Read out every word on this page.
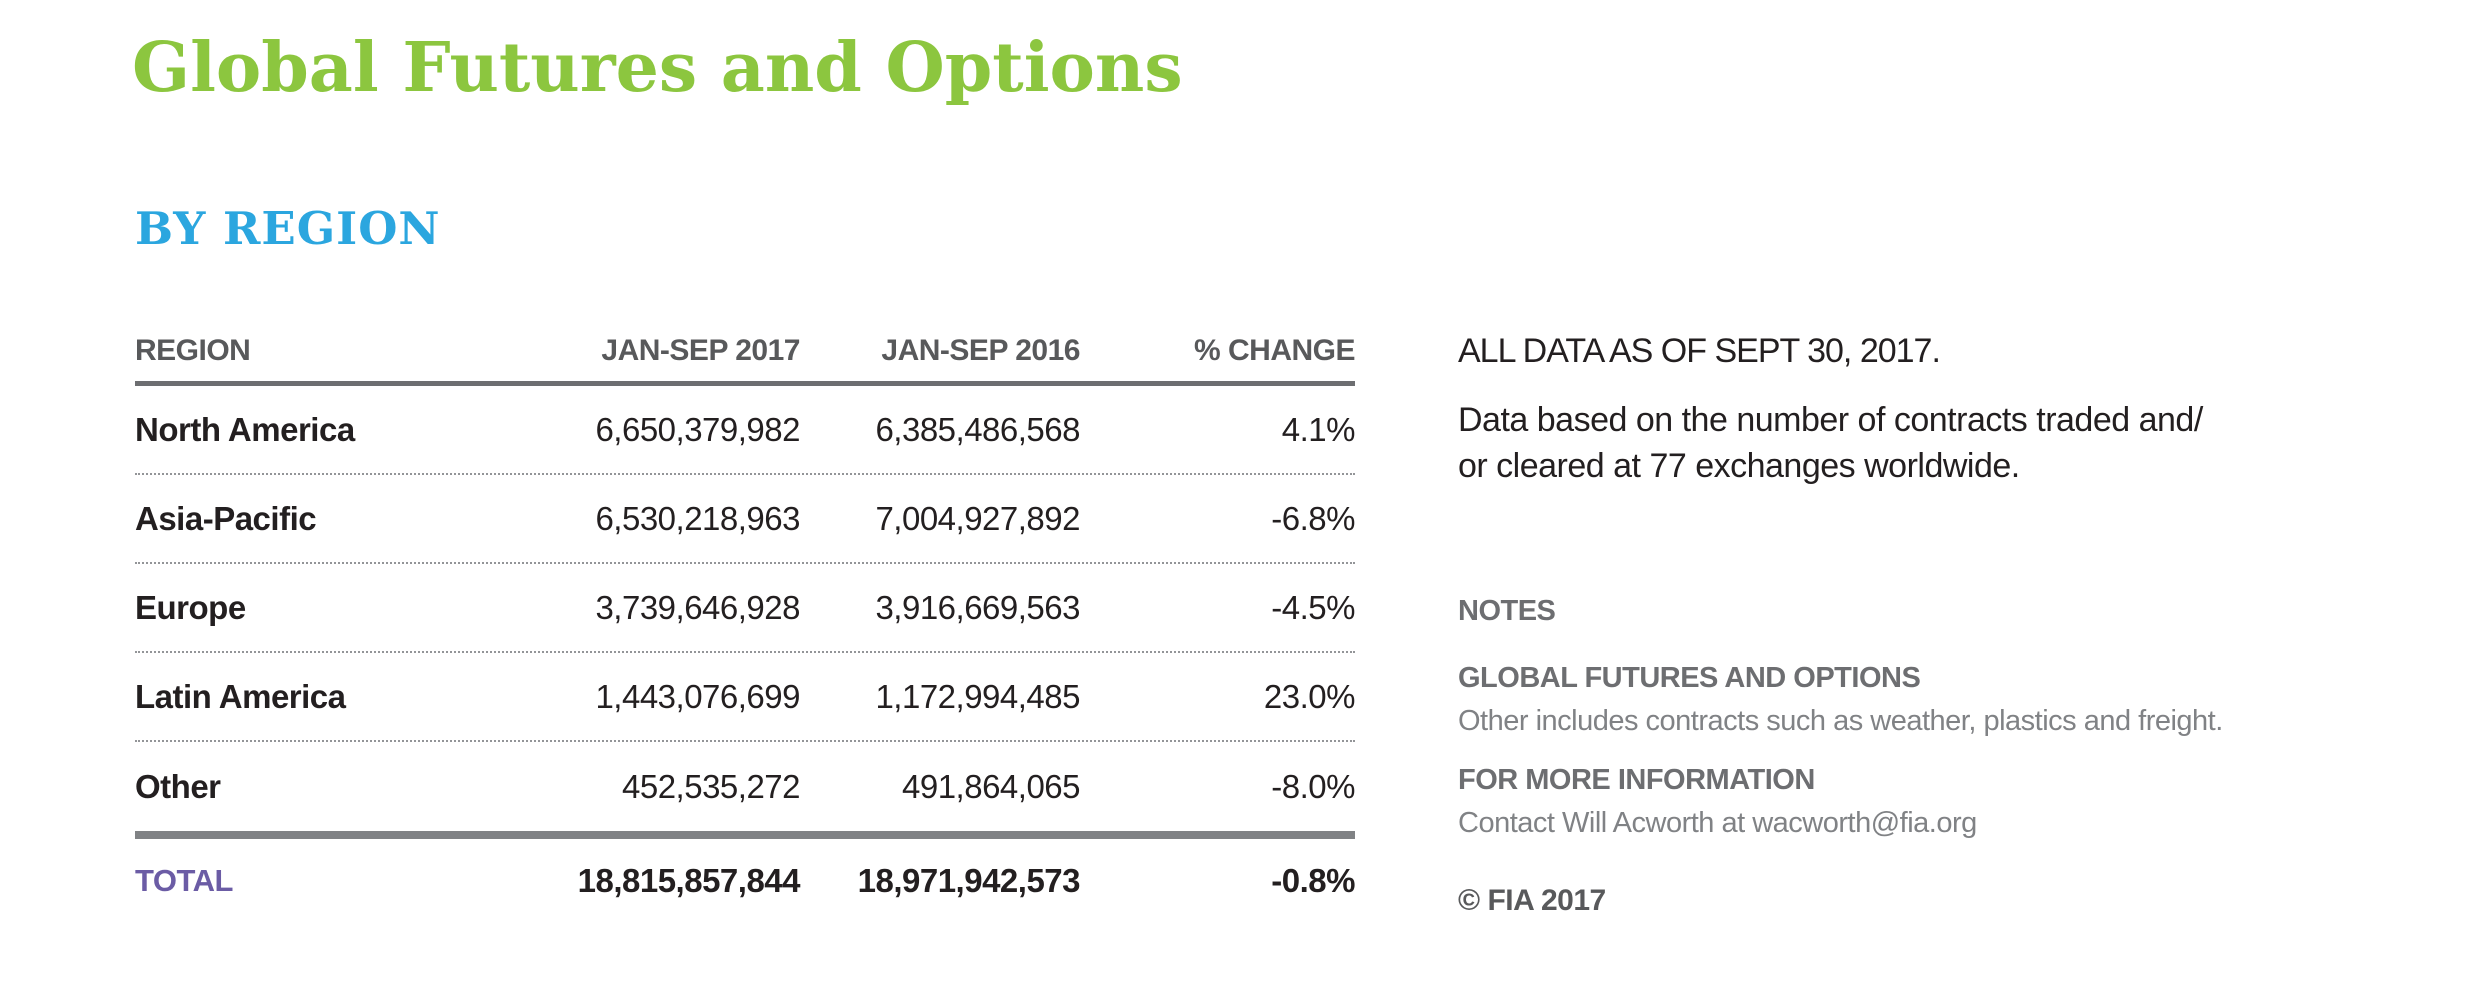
Global Futures and Options
BY REGION
REGION	JAN-SEP 2017	JAN-SEP 2016	% CHANGE
North America	6,650,379,982	6,385,486,568	4.1%
Asia-Pacific	6,530,218,963	7,004,927,892	-6.8%
Europe	3,739,646,928	3,916,669,563	-4.5%
Latin America	1,443,076,699	1,172,994,485	23.0%
Other	452,535,272	491,864,065	-8.0%
TOTAL	18,815,857,844	18,971,942,573	-0.8%
ALL DATA AS OF SEPT 30, 2017.

Data based on the number of contracts traded and/
or cleared at 77 exchanges worldwide.

NOTES
GLOBAL FUTURES AND OPTIONS
Other includes contracts such as weather, plastics and freight.
FOR MORE INFORMATION
Contact Will Acworth at wacworth@fia.org
© FIA 2017
